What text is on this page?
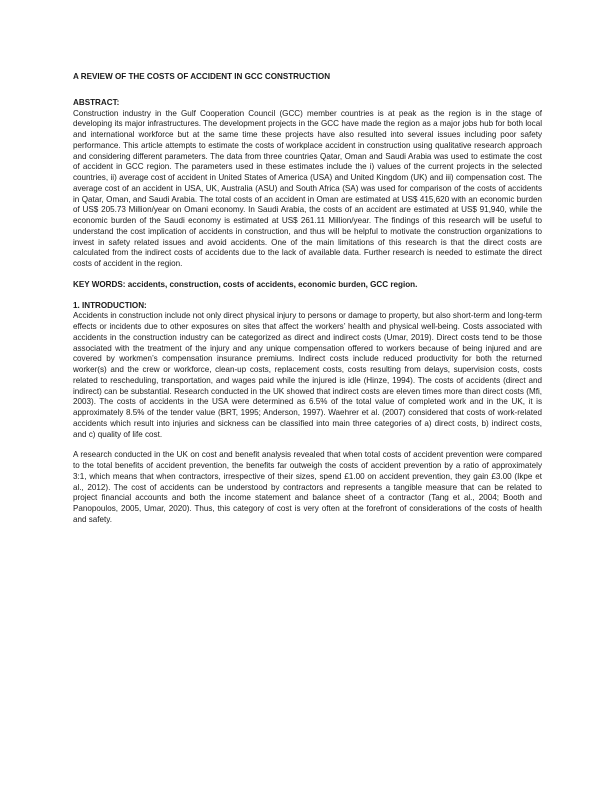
A REVIEW OF THE COSTS OF ACCIDENT IN GCC CONSTRUCTION

ABSTRACT:

Construction industry in the Gulf Cooperation Council (GCC) member countries is at peak as the region is in the stage of developing its major infrastructures. The development projects in the GCC have made the region as a major jobs hub for both local and international workforce but at the same time these projects have also resulted into several issues including poor safety performance. This article attempts to estimate the costs of workplace accident in construction using qualitative research approach and considering different parameters. The data from three countries Qatar, Oman and Saudi Arabia was used to estimate the cost of accident in GCC region. The parameters used in these estimates include the i) values of the current projects in the selected countries, ii) average cost of accident in United States of America (USA) and United Kingdom (UK) and iii) compensation cost. The average cost of an accident in USA, UK, Australia (ASU) and South Africa (SA) was used for comparison of the costs of accidents in Qatar, Oman, and Saudi Arabia. The total costs of an accident in Oman are estimated at US$ 415,620 with an economic burden of US$ 205.73 Million/year on Omani economy. In Saudi Arabia, the costs of an accident are estimated at US$ 91,940, while the economic burden of the Saudi economy is estimated at US$ 261.11 Million/year. The findings of this research will be useful to understand the cost implication of accidents in construction, and thus will be helpful to motivate the construction organizations to invest in safety related issues and avoid accidents. One of the main limitations of this research is that the direct costs are calculated from the indirect costs of accidents due to the lack of available data. Further research is needed to estimate the direct costs of accident in the region.

KEY WORDS: accidents, construction, costs of accidents, economic burden, GCC region.

1. INTRODUCTION:

Accidents in construction include not only direct physical injury to persons or damage to property, but also short-term and long-term effects or incidents due to other exposures on sites that affect the workers’ health and physical well-being. Costs associated with accidents in the construction industry can be categorized as direct and indirect costs (Umar, 2019). Direct costs tend to be those associated with the treatment of the injury and any unique compensation offered to workers because of being injured and are covered by workmen’s compensation insurance premiums. Indirect costs include reduced productivity for both the returned worker(s) and the crew or workforce, clean-up costs, replacement costs, costs resulting from delays, supervision costs, costs related to rescheduling, transportation, and wages paid while the injured is idle (Hinze, 1994). The costs of accidents (direct and indirect) can be substantial. Research conducted in the UK showed that indirect costs are eleven times more than direct costs (Mfi, 2003). The costs of accidents in the USA were determined as 6.5% of the total value of completed work and in the UK, it is approximately 8.5% of the tender value (BRT, 1995; Anderson, 1997). Waehrer et al. (2007) considered that costs of work-related accidents which result into injuries and sickness can be classified into main three categories of a) direct costs, b) indirect costs, and c) quality of life cost.

A research conducted in the UK on cost and benefit analysis revealed that when total costs of accident prevention were compared to the total benefits of accident prevention, the benefits far outweigh the costs of accident prevention by a ratio of approximately 3:1, which means that when contractors, irrespective of their sizes, spend £1.00 on accident prevention, they gain £3.00 (Ikpe et al., 2012). The cost of accidents can be understood by contractors and represents a tangible measure that can be related to project financial accounts and both the income statement and balance sheet of a contractor (Tang et al., 2004; Booth and Panopoulos, 2005, Umar, 2020). Thus, this category of cost is very often at the forefront of considerations of the costs of health and safety.
